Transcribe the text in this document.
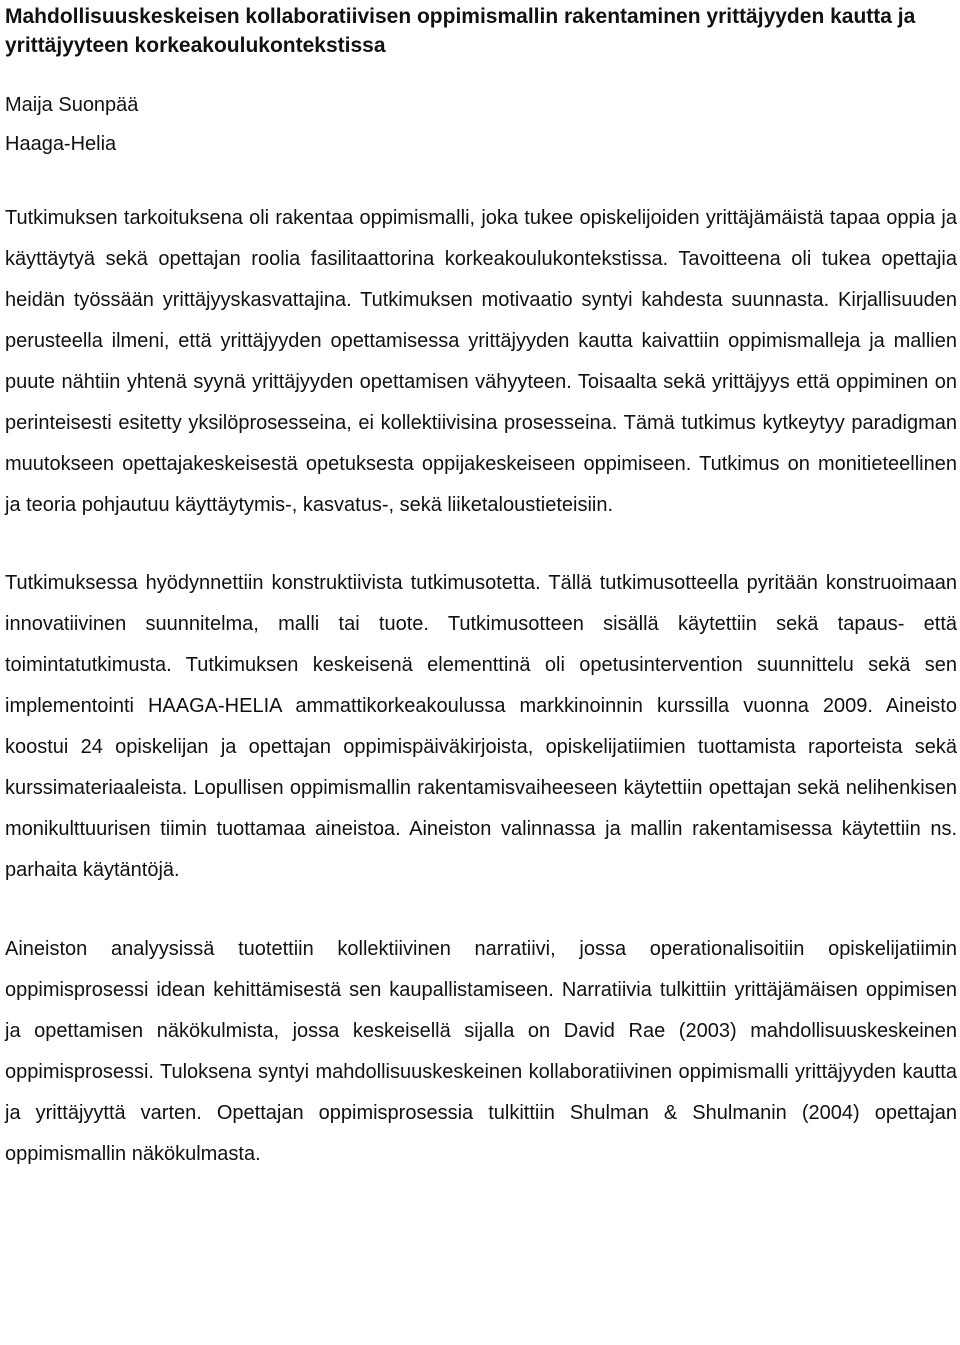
Mahdollisuuskeskeisen kollaboratiivisen oppimismallin rakentaminen yrittäjyyden kautta ja yrittäjyyteen korkeakoulukontekstissa

Maija Suonpää

Haaga-Helia

Tutkimuksen tarkoituksena oli rakentaa oppimismalli, joka tukee opiskelijoiden yrittäjämäistä tapaa oppia ja käyttäytyä sekä opettajan roolia fasilitaattorina korkeakoulukontekstissa. Tavoitteena oli tukea opettajia heidän työssään yrittäjyyskasvattajina. Tutkimuksen motivaatio syntyi kahdesta suunnasta. Kirjallisuuden perusteella ilmeni, että yrittäjyyden opettamisessa yrittäjyyden kautta kaivattiin oppimismalleja ja mallien puute nähtiin yhtenä syynä yrittäjyyden opettamisen vähyyteen. Toisaalta sekä yrittäjyys että oppiminen on perinteisesti esitetty yksilöprosesseina, ei kollektiivisina prosesseina. Tämä tutkimus kytkeytyy paradigman muutokseen opettajakeskeisestä opetuksesta oppijakeskeiseen oppimiseen. Tutkimus on monitieteellinen ja teoria pohjautuu käyttäytymis-, kasvatus-, sekä liiketaloustieteisiin.

Tutkimuksessa hyödynnettiin konstruktiivista tutkimusotetta. Tällä tutkimusotteella pyritään konstruoimaan innovatiivinen suunnitelma, malli tai tuote. Tutkimusotteen sisällä käytettiin sekä tapaus- että toimintatutkimusta. Tutkimuksen keskeisenä elementtinä oli opetusintervention suunnittelu sekä sen implementointi HAAGA-HELIA ammattikorkeakoulussa markkinoinnin kurssilla vuonna 2009. Aineisto koostui 24 opiskelijan ja opettajan oppimispäiväkirjoista, opiskelijatiimien tuottamista raporteista sekä kurssimateriaaleista. Lopullisen oppimismallin rakentamisvaiheeseen käytettiin opettajan sekä nelihenkisen monikulttuurisen tiimin tuottamaa aineistoa. Aineiston valinnassa ja mallin rakentamisessa käytettiin ns. parhaita käytäntöjä.

Aineiston analyysissä tuotettiin kollektiivinen narratiivi, jossa operationalisoitiin opiskelijatiimin oppimisprosessi idean kehittämisestä sen kaupallistamiseen. Narratiivia tulkittiin yrittäjämäisen oppimisen ja opettamisen näkökulmista, jossa keskeisellä sijalla on David Rae (2003) mahdollisuuskeskeinen oppimisprosessi. Tuloksena syntyi mahdollisuuskeskeinen kollaboratiivinen oppimismalli yrittäjyyden kautta ja yrittäjyyttä varten. Opettajan oppimisprosessia tulkittiin Shulman & Shulmanin (2004) opettajan oppimismallin näkökulmasta.
